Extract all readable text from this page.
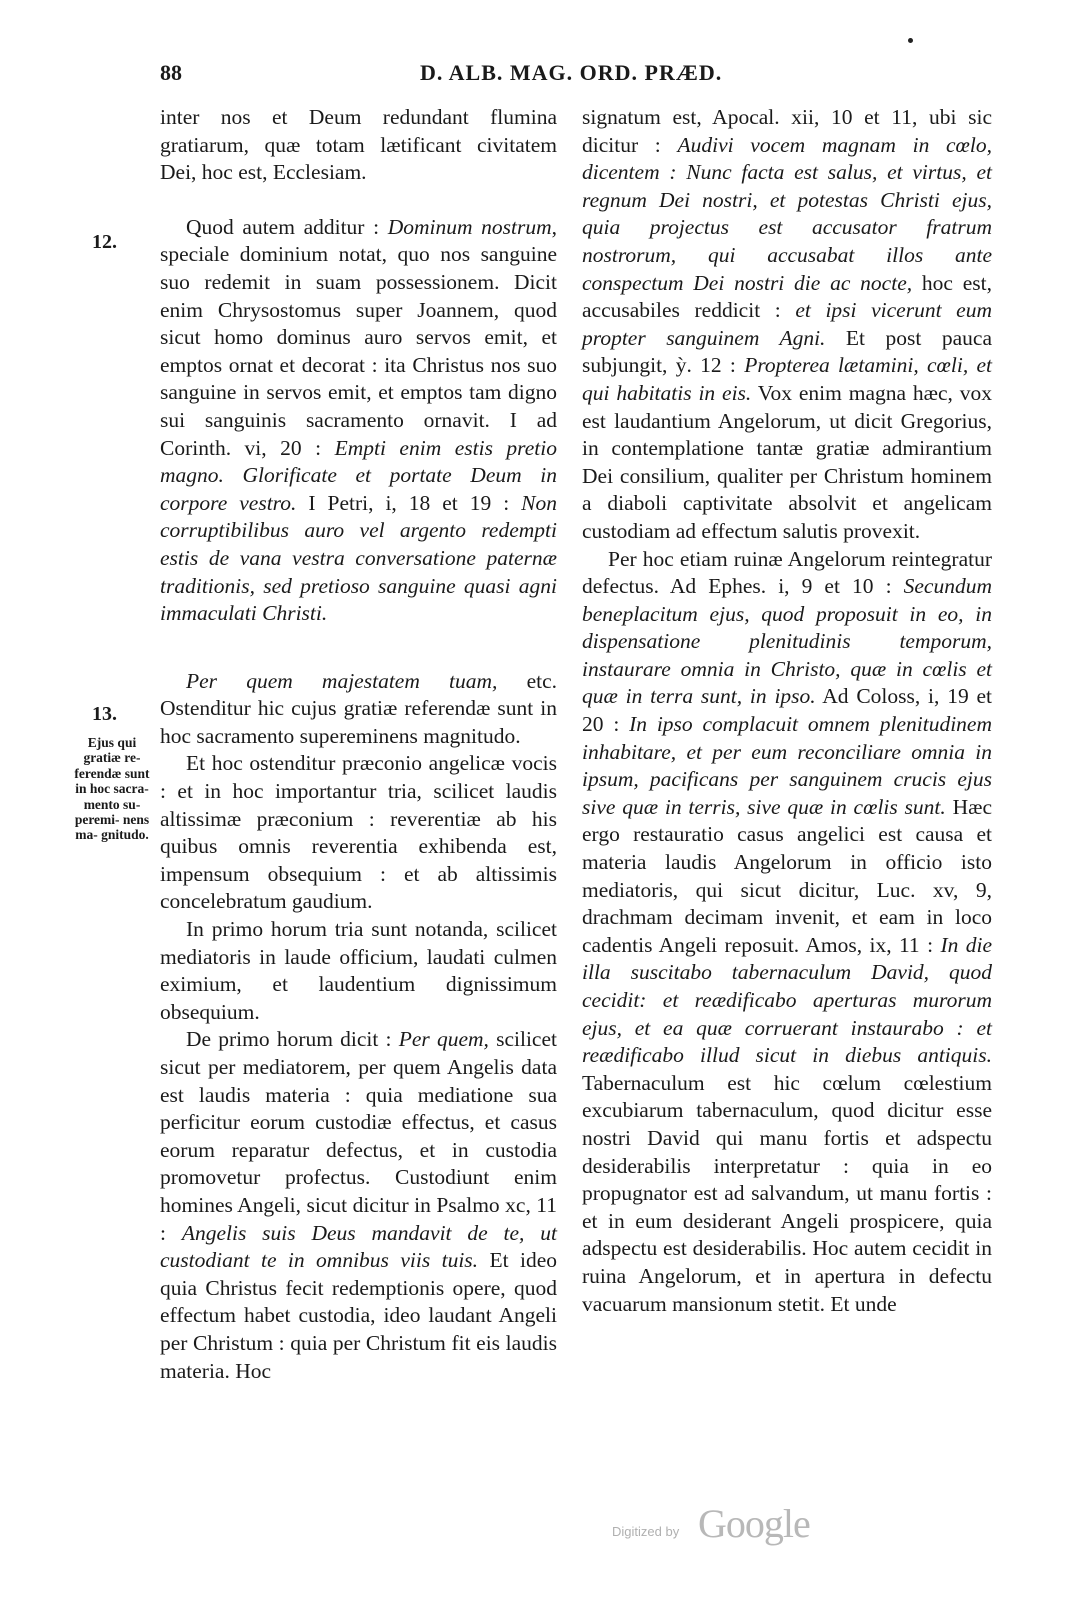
88	D. ALB. MAG. ORD. PRÆD.
12.
13.
Ejus qui gratiæ re- ferendæ sunt in hoc sacra- mento su- peremi- nens ma- gnitudo.

inter nos et Deum redundant flumina gratiarum, quæ totam lætificant civitatem Dei, hoc est, Ecclesiam.

Quod autem additur : Dominum nostrum, speciale dominium notat, quo nos sanguine suo redemit in suam possessionem. Dicit enim Chrysostomus super Joannem, quod sicut homo dominus auro servos emit, et emptos ornat et decorat : ita Christus nos suo sanguine in servos emit, et emptos tam digno sui sanguinis sacramento ornavit. I ad Corinth. vi, 20 : Empti enim estis pretio magno. Glorificate et portate Deum in corpore vestro. I Petri, i, 18 et 19 : Non corruptibilibus auro vel argento redempti estis de vana vestra conversatione paternæ traditionis, sed pretioso sanguine quasi agni immaculati Christi.

Per quem majestatem tuam, etc. Ostenditur hic cujus gratiæ referendæ sunt in hoc sacramento supereminens magnitudo.

Et hoc ostenditur præconio angelicæ vocis : et in hoc importantur tria, scilicet laudis altissimæ præconium : reverentiæ ab his quibus omnis reverentia exhibenda est, impensum obsequium : et ab altissimis concelebratum gaudium.

In primo horum tria sunt notanda, scilicet mediatoris in laude officium, laudati culmen eximium, et laudentium dignissimum obsequium.

De primo horum dicit : Per quem, scilicet sicut per mediatorem, per quem Angelis data est laudis materia : quia mediatione sua perficitur eorum custodiæ effectus, et casus eorum reparatur defectus, et in custodia promovetur profectus. Custodiunt enim homines Angeli, sicut dicitur in Psalmo xc, 11 : Angelis suis Deus mandavit de te, ut custodiant te in omnibus viis tuis. Et ideo quia Christus fecit redemptionis opere, quod effectum habet custodia, ideo laudant Angeli per Christum : quia per Christum fit eis laudis materia. Hoc

signatum est, Apocal. xii, 10 et 11, ubi sic dicitur : Audivi vocem magnam in cœlo, dicentem : Nunc facta est salus, et virtus, et regnum Dei nostri, et potestas Christi ejus, quia projectus est accusator fratrum nostrorum, qui accusabat illos ante conspectum Dei nostri die ac nocte, hoc est, accusabiles reddicit : et ipsi vicerunt eum propter sanguinem Agni. Et post pauca subjungit, ỳ. 12 : Propterea lætamini, cœli, et qui habitatis in eis. Vox enim magna hæc, vox est laudantium Angelorum, ut dicit Gregorius, in contemplatione tantæ gratiæ admirantium Dei consilium, qualiter per Christum hominem a diaboli captivitate absolvit et angelicam custodiam ad effectum salutis provexit.

Per hoc etiam ruinæ Angelorum reintegratur defectus. Ad Ephes. i, 9 et 10 : Secundum beneplacitum ejus, quod proposuit in eo, in dispensatione plenitudinis temporum, instaurare omnia in Christo, quæ in cœlis et quæ in terra sunt, in ipso. Ad Coloss, i, 19 et 20 : In ipso complacuit omnem plenitudinem inhabitare, et per eum reconciliare omnia in ipsum, pacificans per sanguinem crucis ejus sive quæ in terris, sive quæ in cœlis sunt. Hæc ergo restauratio casus angelici est causa et materia laudis Angelorum in officio isto mediatoris, qui sicut dicitur, Luc. xv, 9, drachmam decimam invenit, et eam in loco cadentis Angeli reposuit. Amos, ix, 11 : In die illa suscitabo tabernaculum David, quod cecidit: et reædificabo aperturas murorum ejus, et ea quæ corruerant instaurabo : et reædificabo illud sicut in diebus antiquis. Tabernaculum est hic cœlum cœlestium excubiarum tabernaculum, quod dicitur esse nostri David qui manu fortis et adspectu desiderabilis interpretatur : quia in eo propugnator est ad salvandum, ut manu fortis : et in eum desiderant Angeli prospicere, quia adspectu est desiderabilis. Hoc autem cecidit in ruina Angelorum, et in apertura in defectu vacuarum mansionum stetit. Et unde

Digitized by Google
